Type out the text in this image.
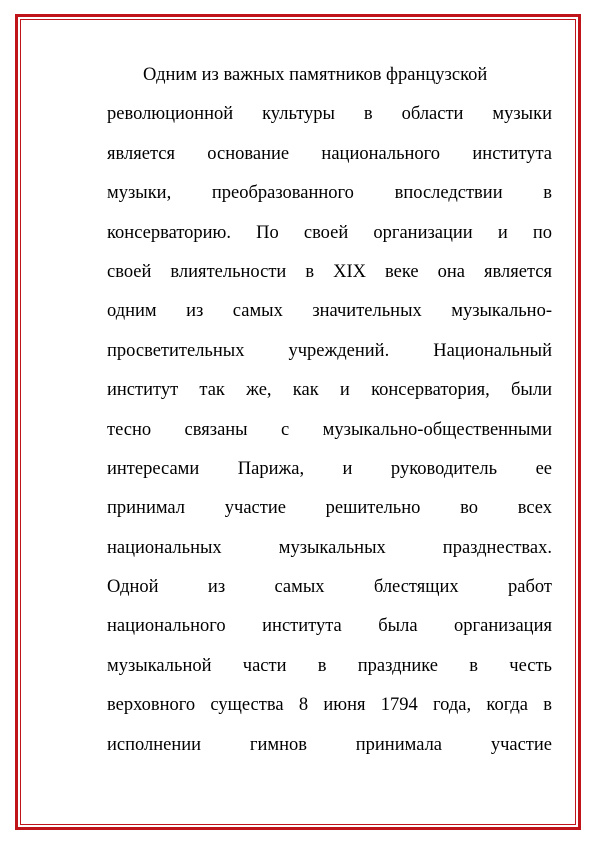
Одним из важных памятников французской
революционной культуры в области музыки
является основание национального института
музыки, преобразованного впоследствии в
консерваторию. По своей организации и по
своей влиятельности в XIX веке она является
одним из самых значительных музыкально-
просветительных учреждений. Национальный
институт так же, как и консерватория, были
тесно связаны с музыкально-общественными
интересами Парижа, и руководитель ее
принимал участие решительно во всех
национальных музыкальных празднествах.
Одной из самых блестящих работ
национального института была организация
музыкальной части в празднике в честь
верховного существа 8 июня 1794 года, когда в
исполнении гимнов принимала участие
